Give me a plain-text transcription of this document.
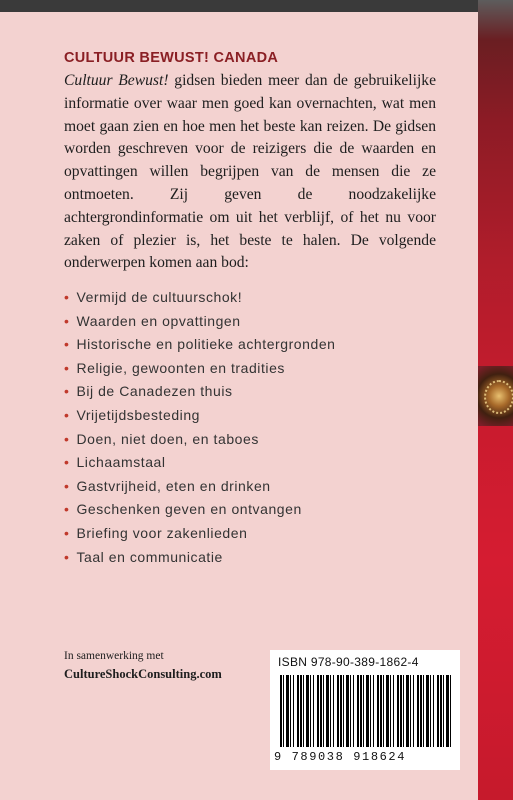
CULTUUR BEWUST! CANADA

Cultuur Bewust! gidsen bieden meer dan de gebruikelijke informatie over waar men goed kan overnachten, wat men moet gaan zien en hoe men het beste kan reizen. De gidsen worden geschreven voor de reizigers die de waarden en opvattingen willen begrijpen van de mensen die ze ontmoeten. Zij geven de noodzakelijke achtergrondinformatie om uit het verblijf, of het nu voor zaken of plezier is, het beste te halen. De volgende onderwerpen komen aan bod:

• Vermijd de cultuurschok!
• Waarden en opvattingen
• Historische en politieke achtergronden
• Religie, gewoonten en tradities
• Bij de Canadezen thuis
• Vrijetijdsbesteding
• Doen, niet doen, en taboes
• Lichaamstaal
• Gastvrijheid, eten en drinken
• Geschenken geven en ontvangen
• Briefing voor zakenlieden
• Taal en communicatie

In samenwerking met

CultureShockConsulting.com

ISBN 978-90-389-1862-4

9 789038 918624
